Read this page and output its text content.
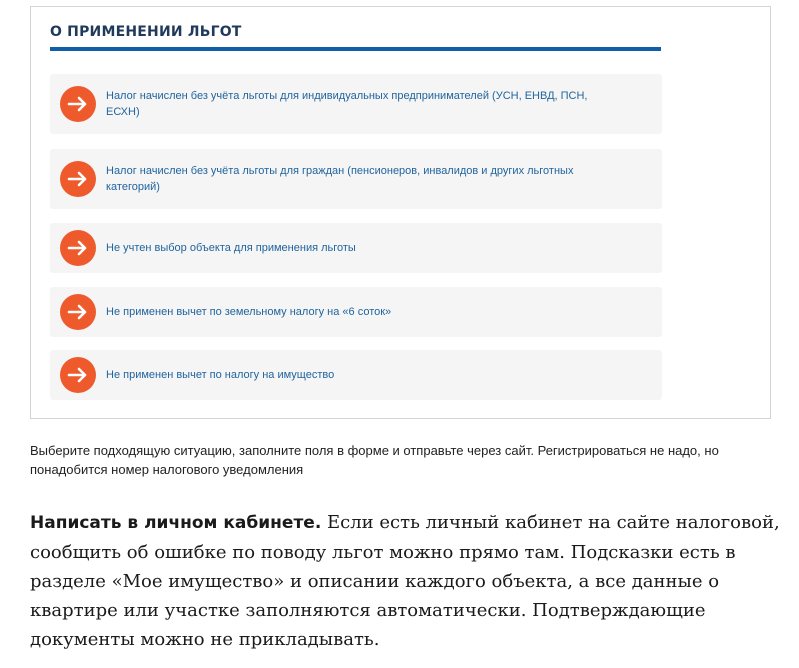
О ПРИМЕНЕНИИ ЛЬГОТ
Налог начислен без учёта льготы для индивидуальных предпринимателей (УСН, ЕНВД, ПСН, ЕСХН)
Налог начислен без учёта льготы для граждан (пенсионеров, инвалидов и других льготных категорий)
Не учтен выбор объекта для применения льготы
Не применен вычет по земельному налогу на «6 соток»
Не применен вычет по налогу на имущество

Выберите подходящую ситуацию, заполните поля в форме и отправьте через сайт. Регистрироваться не надо, но понадобится номер налогового уведомления

Написать в личном кабинете. Если есть личный кабинет на сайте налоговой, сообщить об ошибке по поводу льгот можно прямо там. Подсказки есть в разделе «Мое имущество» и описании каждого объекта, а все данные о квартире или участке заполняются автоматически. Подтверждающие документы можно не прикладывать.
